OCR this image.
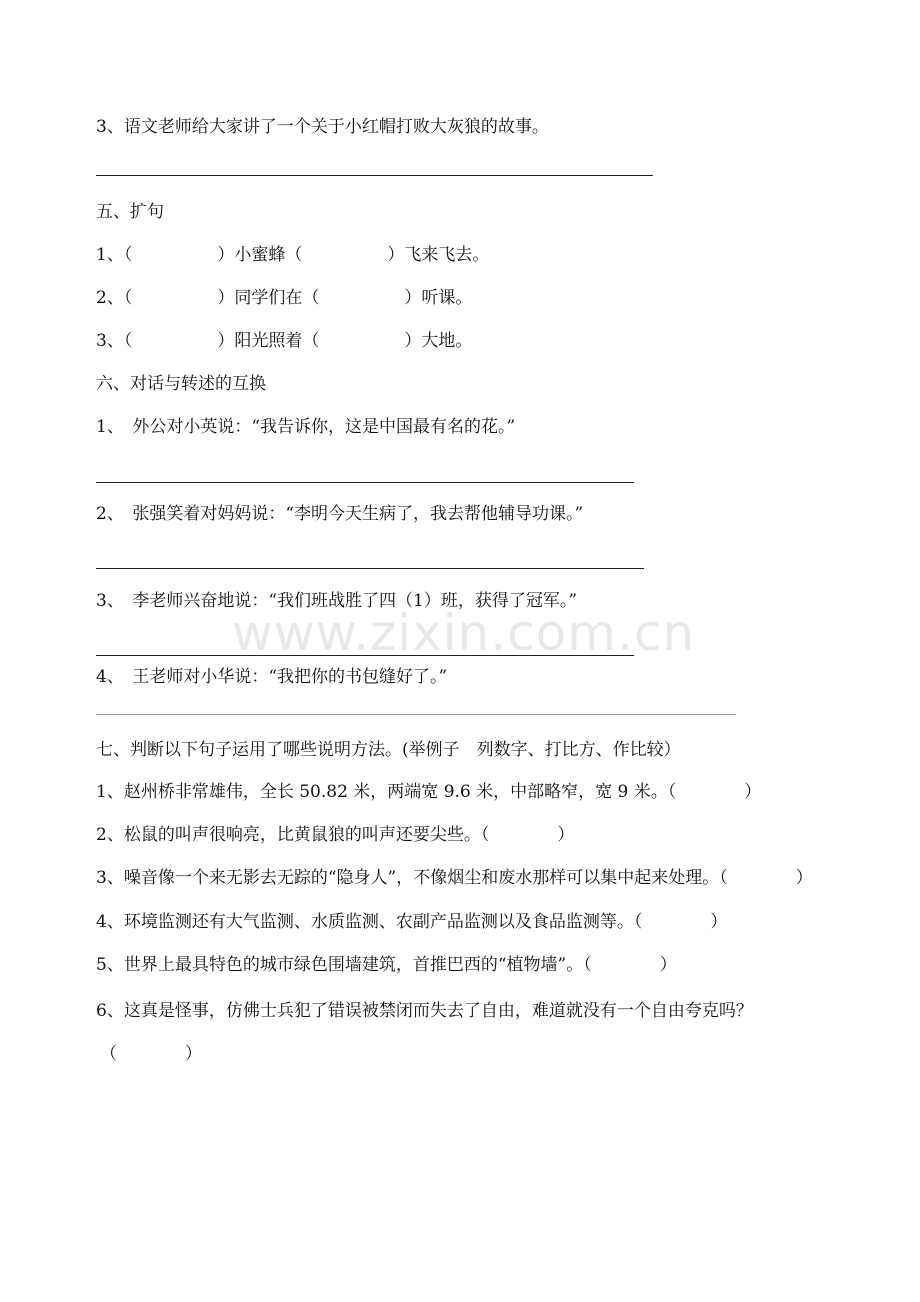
3、语文老师给大家讲了一个关于小红帽打败大灰狼的故事。
五、扩句
1、（　　　　　）小蜜蜂（　　　　　）飞来飞去。
2、（　　　　　）同学们在（　　　　　）听课。
3、（　　　　　）阳光照着（　　　　　）大地。
六、对话与转述的互换
1、　外公对小英说：“我告诉你，这是中国最有名的花。”
2、　张强笑着对妈妈说：“李明今天生病了，我去帮他辅导功课。”
3、　李老师兴奋地说：“我们班战胜了四（1）班，获得了冠军。”
4、　王老师对小华说：“我把你的书包缝好了。”
七、判断以下句子运用了哪些说明方法。(举例子　列数字、打比方、作比较）
1、赵州桥非常雄伟，全长 50.82 米，两端宽 9.6 米，中部略窄，宽 9 米。（　　　　）
2、松鼠的叫声很响亮，比黄鼠狼的叫声还要尖些。（　　　　）
3、噪音像一个来无影去无踪的“隐身人”，不像烟尘和废水那样可以集中起来处理。（　　　　）
4、环境监测还有大气监测、水质监测、农副产品监测以及食品监测等。（　　　　）
5、世界上最具特色的城市绿色围墙建筑，首推巴西的“植物墙”。（　　　　）
6、这真是怪事，仿佛士兵犯了错误被禁闭而失去了自由，难道就没有一个自由夸克吗？
（　　　　）
www.zixin.com.cn
